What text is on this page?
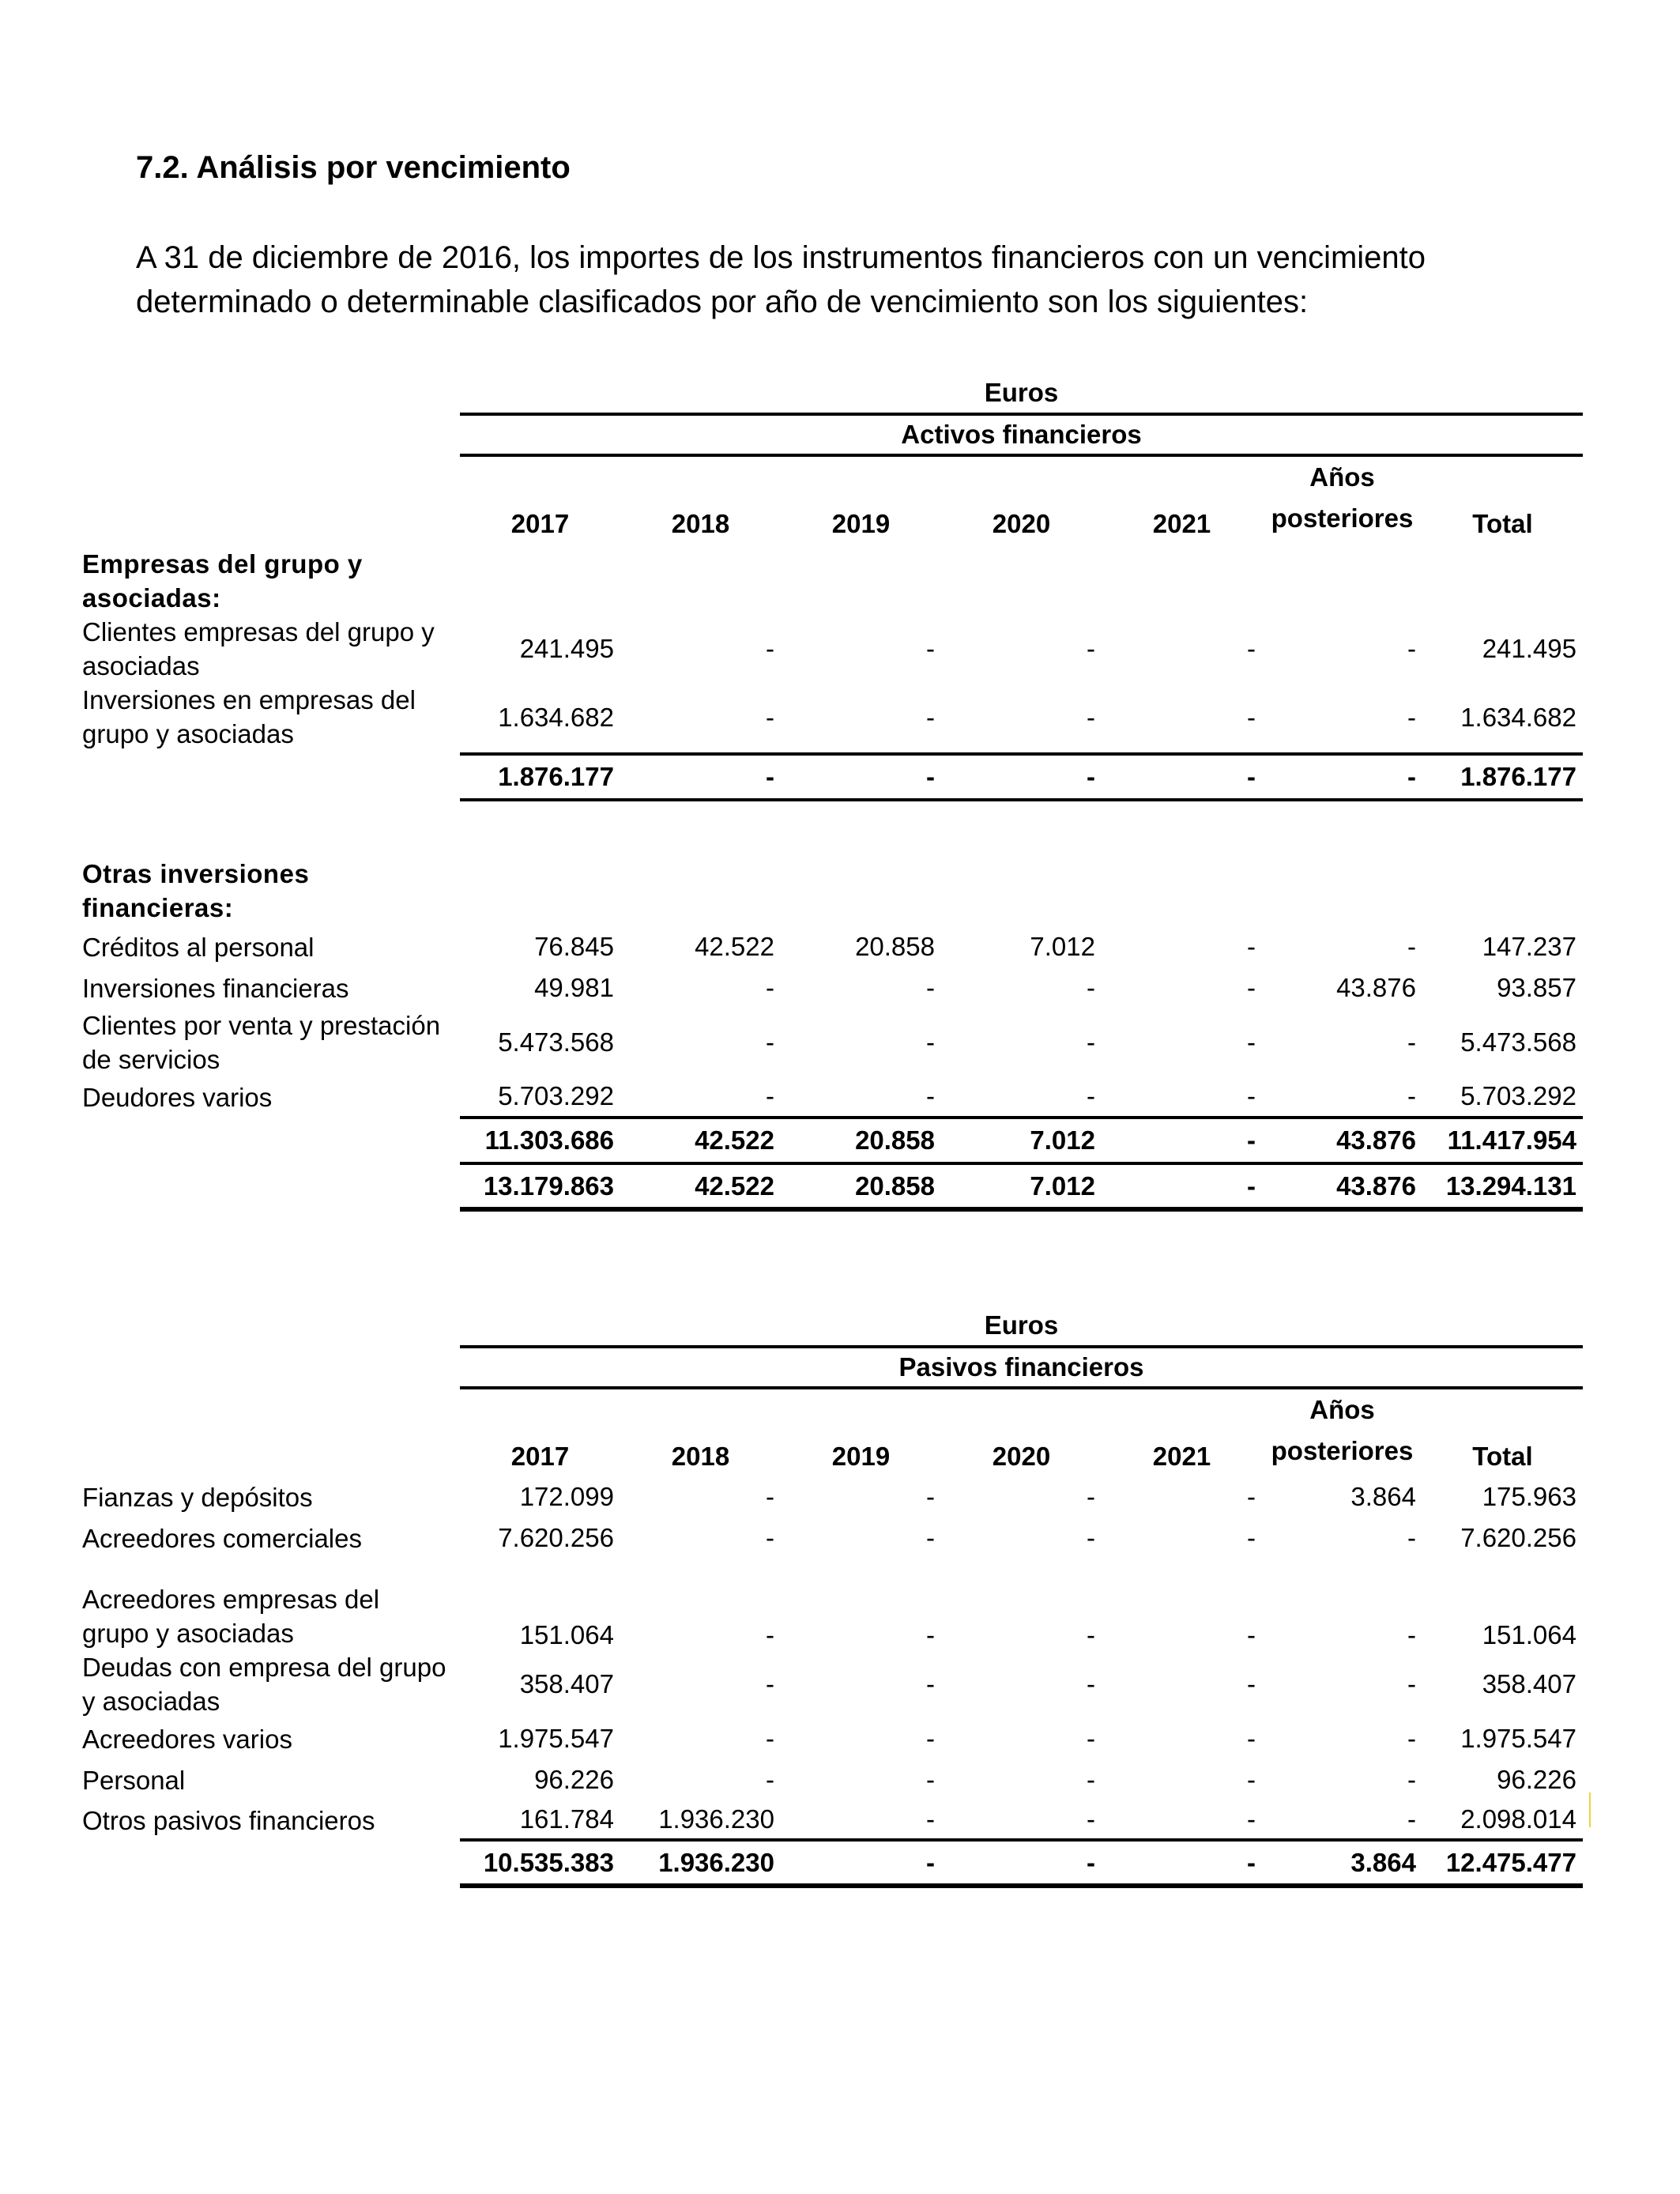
7.2. Análisis por vencimiento

A 31 de diciembre de 2016, los importes de los instrumentos financieros con un vencimiento determinado o determinable clasificados por año de vencimiento son los siguientes:

	Euros						
	Activos financieros						
	2017	2018	2019	2020	2021	Años
posteriores	Total
Empresas del grupo y asociadas:							
Clientes empresas del grupo y asociadas	241.495	-	-	-	-	-	241.495
Inversiones en empresas del grupo y asociadas	1.634.682	-	-	-	-	-	1.634.682
	1.876.177	-	-	-	-	-	1.876.177
Otras inversiones financieras:							
Créditos al personal	76.845	42.522	20.858	7.012	-	-	147.237
Inversiones financieras	49.981	-	-	-	-	43.876	93.857
Clientes por venta y prestación de servicios	5.473.568	-	-	-	-	-	5.473.568
Deudores varios	5.703.292	-	-	-	-	-	5.703.292
	11.303.686	42.522	20.858	7.012	-	43.876	11.417.954
	13.179.863	42.522	20.858	7.012	-	43.876	13.294.131
	Euros						
	Pasivos financieros						
	2017	2018	2019	2020	2021	Años
posteriores	Total
Fianzas y depósitos	172.099	-	-	-	-	3.864	175.963
Acreedores comerciales	7.620.256	-	-	-	-	-	7.620.256
Acreedores empresas del grupo y asociadas	151.064	-	-	-	-	-	151.064
Deudas con empresa del grupo y asociadas	358.407	-	-	-	-	-	358.407
Acreedores varios	1.975.547	-	-	-	-	-	1.975.547
Personal	96.226	-	-	-	-	-	96.226
Otros pasivos financieros	161.784	1.936.230	-	-	-	-	2.098.014
	10.535.383	1.936.230	-	-	-	3.864	12.475.477
